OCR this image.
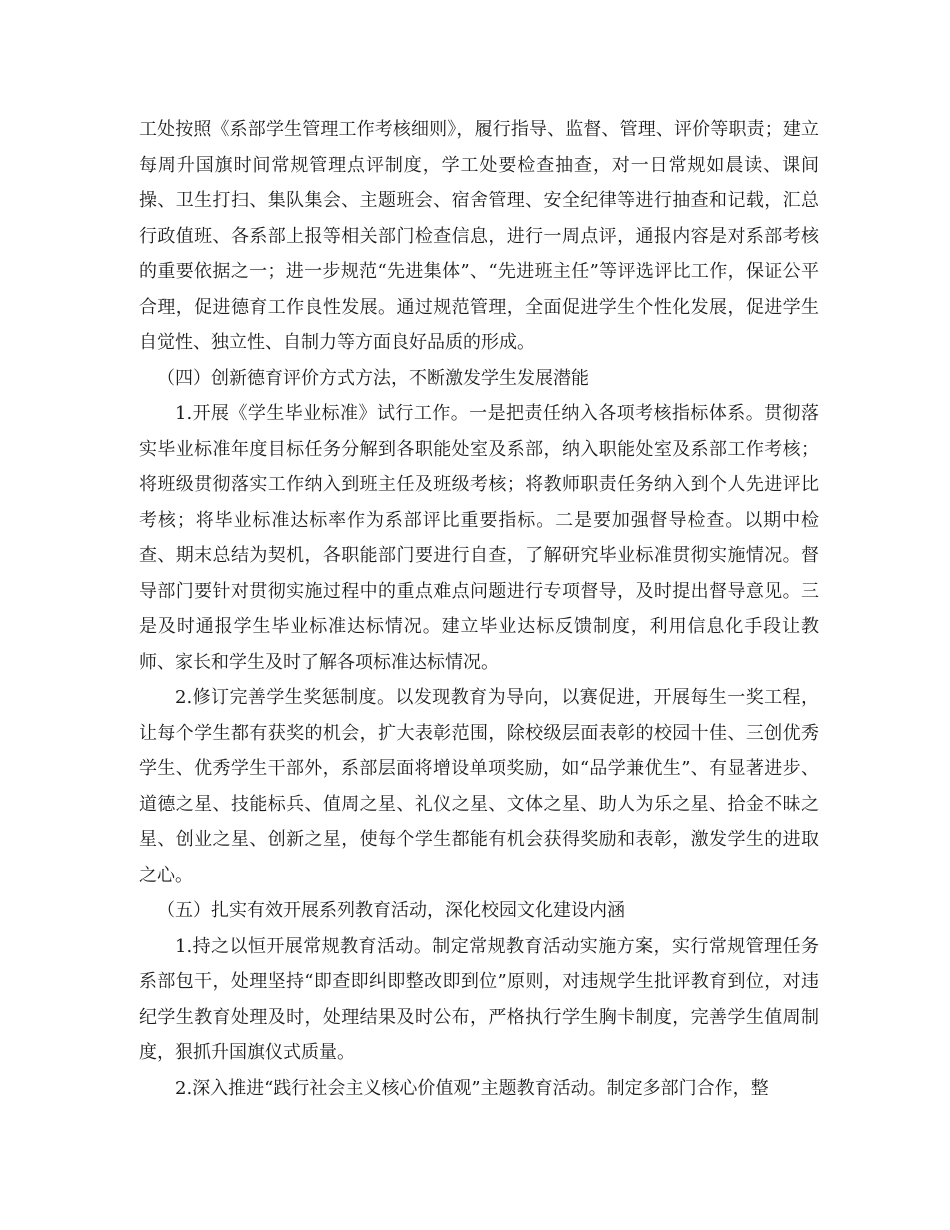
工处按照《系部学生管理工作考核细则》，履行指导、监督、管理、评价等职责；建立每周升国旗时间常规管理点评制度，学工处要检查抽查，对一日常规如晨读、课间操、卫生打扫、集队集会、主题班会、宿舍管理、安全纪律等进行抽查和记载，汇总行政值班、各系部上报等相关部门检查信息，进行一周点评，通报内容是对系部考核的重要依据之一；进一步规范“先进集体”、“先进班主任”等评选评比工作，保证公平合理，促进德育工作良性发展。通过规范管理，全面促进学生个性化发展，促进学生自觉性、独立性、自制力等方面良好品质的形成。

（四）创新德育评价方式方法，不断激发学生发展潜能

1.开展《学生毕业标准》试行工作。一是把责任纳入各项考核指标体系。贯彻落实毕业标准年度目标任务分解到各职能处室及系部，纳入职能处室及系部工作考核；将班级贯彻落实工作纳入到班主任及班级考核；将教师职责任务纳入到个人先进评比考核；将毕业标准达标率作为系部评比重要指标。二是要加强督导检查。以期中检查、期末总结为契机，各职能部门要进行自查，了解研究毕业标准贯彻实施情况。督导部门要针对贯彻实施过程中的重点难点问题进行专项督导，及时提出督导意见。三是及时通报学生毕业标准达标情况。建立毕业达标反馈制度，利用信息化手段让教师、家长和学生及时了解各项标准达标情况。

2.修订完善学生奖惩制度。以发现教育为导向，以赛促进，开展每生一奖工程，让每个学生都有获奖的机会，扩大表彰范围，除校级层面表彰的校园十佳、三创优秀学生、优秀学生干部外，系部层面将增设单项奖励，如“品学兼优生”、有显著进步、道德之星、技能标兵、值周之星、礼仪之星、文体之星、助人为乐之星、拾金不昧之星、创业之星、创新之星，使每个学生都能有机会获得奖励和表彰，激发学生的进取之心。

（五）扎实有效开展系列教育活动，深化校园文化建设内涵

1.持之以恒开展常规教育活动。制定常规教育活动实施方案，实行常规管理任务系部包干，处理坚持“即查即纠即整改即到位”原则，对违规学生批评教育到位，对违纪学生教育处理及时，处理结果及时公布，严格执行学生胸卡制度，完善学生值周制度，狠抓升国旗仪式质量。

2.深入推进“践行社会主义核心价值观”主题教育活动。制定多部门合作，整
